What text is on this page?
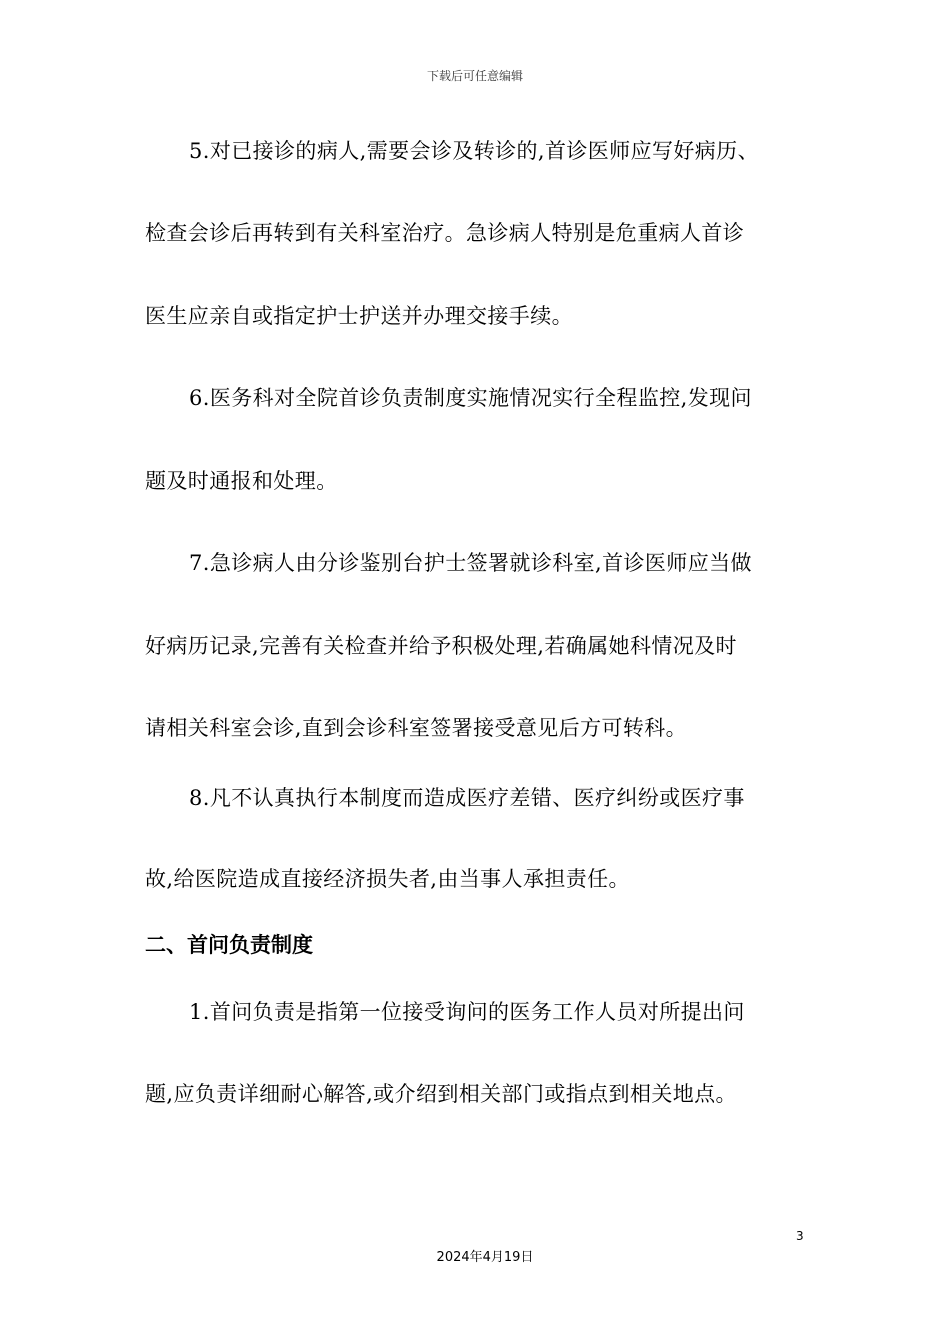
下载后可任意编辑
5.对已接诊的病人,需要会诊及转诊的,首诊医师应写好病历、
检查会诊后再转到有关科室治疗。急诊病人特别是危重病人首诊
医生应亲自或指定护士护送并办理交接手续。
6.医务科对全院首诊负责制度实施情况实行全程监控,发现问
题及时通报和处理。
7.急诊病人由分诊鉴别台护士签署就诊科室,首诊医师应当做
好病历记录,完善有关检查并给予积极处理,若确属她科情况及时
请相关科室会诊,直到会诊科室签署接受意见后方可转科。
8.凡不认真执行本制度而造成医疗差错、医疗纠纷或医疗事
故,给医院造成直接经济损失者,由当事人承担责任。
二、首问负责制度
1.首问负责是指第一位接受询问的医务工作人员对所提出问
题,应负责详细耐心解答,或介绍到相关部门或指点到相关地点。
3
2024年4月19日
